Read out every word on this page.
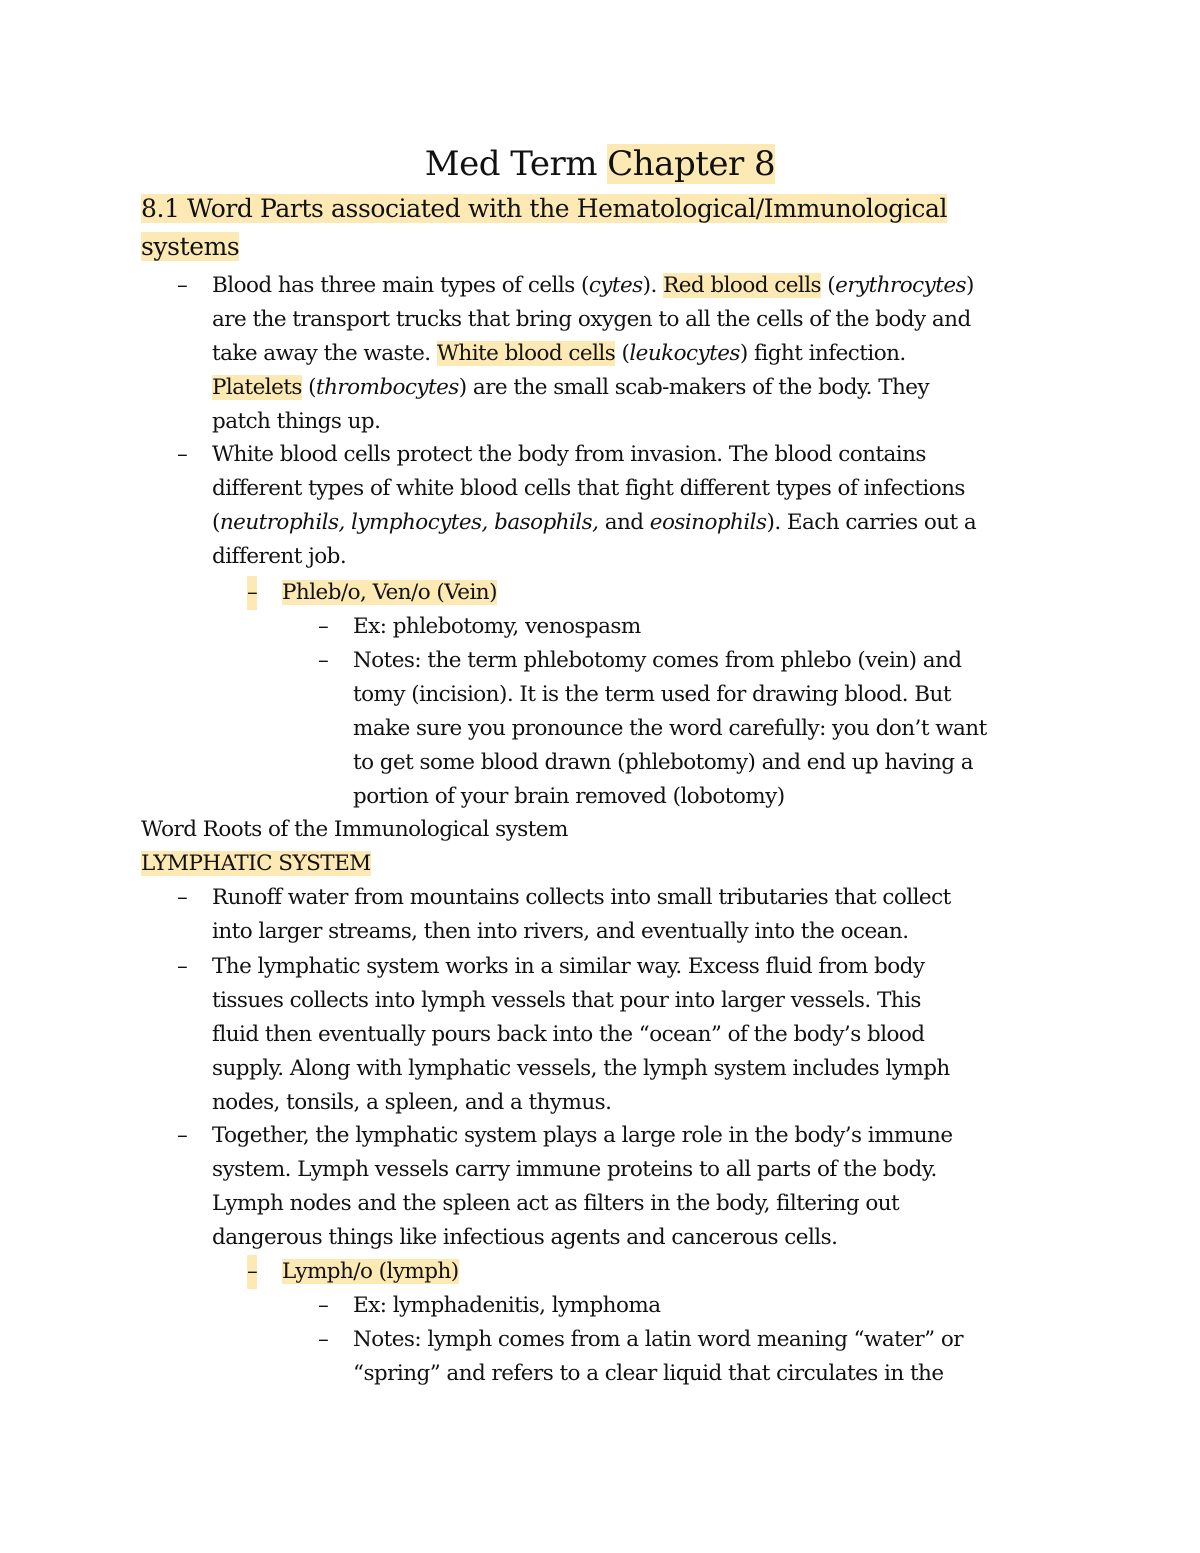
Med Term Chapter 8
8.1 Word Parts associated with the Hematological/Immunological
systems
– Blood has three main types of cells (cytes). Red blood cells (erythrocytes)
are the transport trucks that bring oxygen to all the cells of the body and
take away the waste. White blood cells (leukocytes) fight infection.
Platelets (thrombocytes) are the small scab-makers of the body. They
patch things up.
– White blood cells protect the body from invasion. The blood contains
different types of white blood cells that fight different types of infections
(neutrophils, lymphocytes, basophils, and eosinophils). Each carries out a
different job.
– Phleb/o, Ven/o (Vein)
– Ex: phlebotomy, venospasm
– Notes: the term phlebotomy comes from phlebo (vein) and
tomy (incision). It is the term used for drawing blood. But
make sure you pronounce the word carefully: you don’t want
to get some blood drawn (phlebotomy) and end up having a
portion of your brain removed (lobotomy)
Word Roots of the Immunological system
LYMPHATIC SYSTEM
– Runoff water from mountains collects into small tributaries that collect
into larger streams, then into rivers, and eventually into the ocean.
– The lymphatic system works in a similar way. Excess fluid from body
tissues collects into lymph vessels that pour into larger vessels. This
fluid then eventually pours back into the “ocean” of the body’s blood
supply. Along with lymphatic vessels, the lymph system includes lymph
nodes, tonsils, a spleen, and a thymus.
– Together, the lymphatic system plays a large role in the body’s immune
system. Lymph vessels carry immune proteins to all parts of the body.
Lymph nodes and the spleen act as filters in the body, filtering out
dangerous things like infectious agents and cancerous cells.
– Lymph/o (lymph)
– Ex: lymphadenitis, lymphoma
– Notes: lymph comes from a latin word meaning “water” or
“spring” and refers to a clear liquid that circulates in the
